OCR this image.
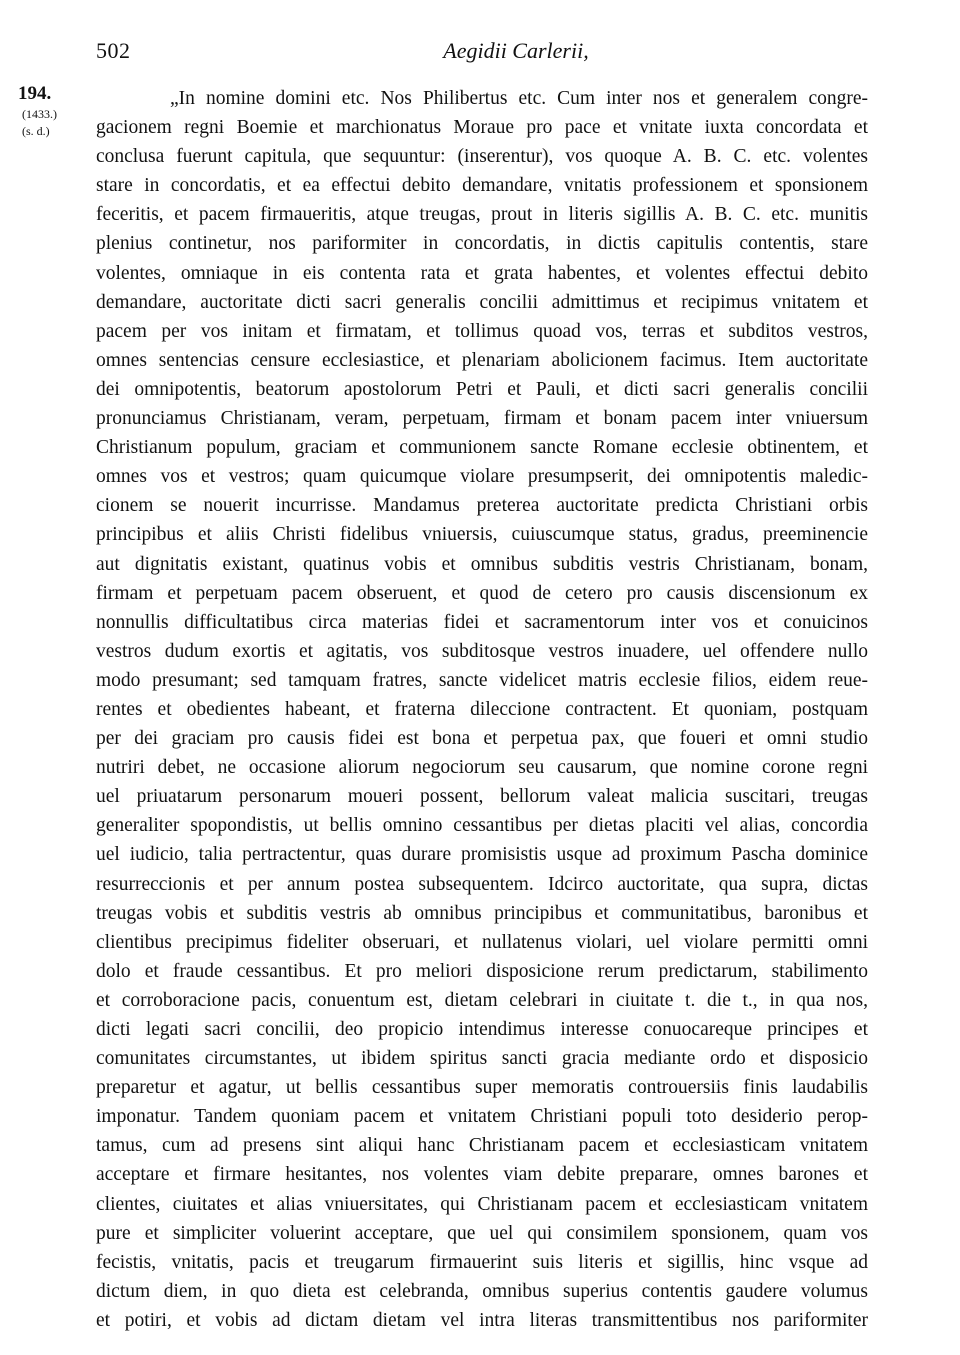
502	Aegidii Carlerii,
194.
(1433.)
(s. d.)
„In nomine domini etc. Nos Philibertus etc. Cum inter nos et generalem congre-
gacionem regni Boemie et marchionatus Moraue pro pace et vnitate iuxta concordata et
conclusa fuerunt capitula, que sequuntur: (inserentur), vos quoque A. B. C. etc. volentes
stare in concordatis, et ea effectui debito demandare, vnitatis professionem et sponsionem
feceritis, et pacem firmaueritis, atque treugas, prout in literis sigillis A. B. C. etc. munitis
plenius continetur, nos pariformiter in concordatis, in dictis capitulis contentis, stare
volentes, omniaque in eis contenta rata et grata habentes, et volentes effectui debito
demandare, auctoritate dicti sacri generalis concilii admittimus et recipimus vnitatem et
pacem per vos initam et firmatam, et tollimus quoad vos, terras et subditos vestros,
omnes sentencias censure ecclesiastice, et plenariam abolicionem facimus. Item auctoritate
dei omnipotentis, beatorum apostolorum Petri et Pauli, et dicti sacri generalis concilii
pronunciamus Christianam, veram, perpetuam, firmam et bonam pacem inter vniuersum
Christianum populum, graciam et communionem sancte Romane ecclesie obtinentem, et
omnes vos et vestros; quam quicumque violare presumpserit, dei omnipotentis maledic-
cionem se nouerit incurrisse. Mandamus preterea auctoritate predicta Christiani orbis
principibus et aliis Christi fidelibus vniuersis, cuiuscumque status, gradus, preeminencie
aut dignitatis existant, quatinus vobis et omnibus subditis vestris Christianam, bonam,
firmam et perpetuam pacem obseruent, et quod de cetero pro causis discensionum ex
nonnullis difficultatibus circa materias fidei et sacramentorum inter vos et conuicinos
vestros dudum exortis et agitatis, vos subditosque vestros inuadere, uel offendere nullo
modo presumant; sed tamquam fratres, sancte videlicet matris ecclesie filios, eidem reue-
rentes et obedientes habeant, et fraterna dileccione contractent. Et quoniam, postquam
per dei graciam pro causis fidei est bona et perpetua pax, que foueri et omni studio
nutriri debet, ne occasione aliorum negociorum seu causarum, que nomine corone regni
uel priuatarum personarum moueri possent, bellorum valeat malicia suscitari, treugas
generaliter spopondistis, ut bellis omnino cessantibus per dietas placiti vel alias, concordia
uel iudicio, talia pertractentur, quas durare promisistis usque ad proximum Pascha dominice
resurreccionis et per annum postea subsequentem. Idcirco auctoritate, qua supra, dictas
treugas vobis et subditis vestris ab omnibus principibus et communitatibus, baronibus et
clientibus precipimus fideliter obseruari, et nullatenus violari, uel violare permitti omni
dolo et fraude cessantibus. Et pro meliori disposicione rerum predictarum, stabilimento
et corroboracione pacis, conuentum est, dietam celebrari in ciuitate t. die t., in qua nos,
dicti legati sacri concilii, deo propicio intendimus interesse conuocareque principes et
comunitates circumstantes, ut ibidem spiritus sancti gracia mediante ordo et disposicio
preparetur et agatur, ut bellis cessantibus super memoratis controuersiis finis laudabilis
imponatur. Tandem quoniam pacem et vnitatem Christiani populi toto desiderio perop-
tamus, cum ad presens sint aliqui hanc Christianam pacem et ecclesiasticam vnitatem
acceptare et firmare hesitantes, nos volentes viam debite preparare, omnes barones et
clientes, ciuitates et alias vniuersitates, qui Christianam pacem et ecclesiasticam vnitatem
pure et simpliciter voluerint acceptare, que uel qui consimilem sponsionem, quam vos
fecistis, vnitatis, pacis et treugarum firmauerint suis literis et sigillis, hinc vsque ad
dictum diem, in quo dieta est celebranda, omnibus superius contentis gaudere volumus
et potiri, et vobis ad dictam dietam vel intra literas transmittentibus nos pariformiter
